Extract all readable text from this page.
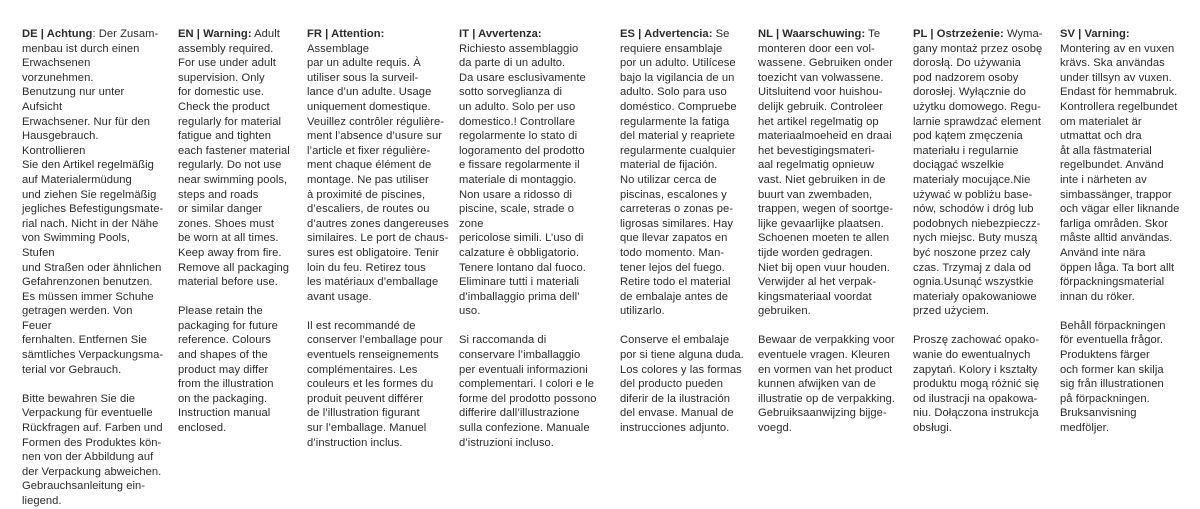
DE | Achtung: Der Zusam-
menbau ist durch einen
Erwachsenen vorzunehmen.
Benutzung nur unter Aufsicht
Erwachsener. Nur für den
Hausgebrauch. Kontrollieren
Sie den Artikel regelmäßig
auf Materialermüdung
und ziehen Sie regelmäßig
jegliches Befestigungsmate-
rial nach. Nicht in der Nähe
von Swimming Pools, Stufen
und Straßen oder ähnlichen
Gefahrenzonen benutzen.
Es müssen immer Schuhe
getragen werden. Von Feuer
fernhalten. Entfernen Sie
sämtliches Verpackungsma-
terial vor Gebrauch.

Bitte bewahren Sie die
Verpackung für eventuelle
Rückfragen auf. Farben und
Formen des Produktes kön-
nen von der Abbildung auf
der Verpackung abweichen.
Gebrauchsanleitung ein-
liegend.

EN | Warning: Adult
assembly required.
For use under adult
supervision. Only
for domestic use.
Check the product
regularly for material
fatigue and tighten
each fastener material
regularly. Do not use
near swimming pools,
steps and roads
or similar danger
zones. Shoes must
be worn at all times.
Keep away from fire.
Remove all packaging
material before use.

Please retain the
packaging for future
reference. Colours
and shapes of the
product may differ
from the illustration
on the packaging.
Instruction manual
enclosed.

FR | Attention: Assemblage
par un adulte requis. À
utiliser sous la surveil-
lance d’un adulte. Usage
uniquement domestique.
Veuillez contrôler régulière-
ment l’absence d’usure sur
l’article et fixer régulière-
ment chaque élément de
montage. Ne pas utiliser
à proximité de piscines,
d’escaliers, de routes ou
d’autres zones dangereuses
similaires. Le port de chaus-
sures est obligatoire. Tenir
loin du feu. Retirez tous
les matériaux d’emballage
avant usage.

Il est recommandé de
conserver l’emballage pour
eventuels renseignements
complémentaires. Les
couleurs et les formes du
produit peuvent différer
de l’illustration figurant
sur l’emballage. Manuel
d’instruction inclus.

IT | Avvertenza:
Richiesto assemblaggio
da parte di un adulto.
Da usare esclusivamente
sotto sorveglianza di
un adulto. Solo per uso
domestico.! Controllare
regolarmente lo stato di
logoramento del prodotto
e fissare regolarmente il
materiale di montaggio.
Non usare a ridosso di
piscine, scale, strade o zone
pericolose simili. L’uso di
calzature è obbligatorio.
Tenere lontano dal fuoco.
Eliminare tutti i materiali
d’imballaggio prima dell’
uso.

Si raccomanda di
conservare l’imballaggio
per eventuali informazioni
complementari. I colori e le
forme del prodotto possono
differire dall’illustrazione
sulla confezione. Manuale
d’istruzioni incluso.

ES | Advertencia: Se
requiere ensamblaje
por un adulto. Utilícese
bajo la vigilancia de un
adulto. Solo para uso
doméstico. Compruebe
regularmente la fatiga
del material y reapriete
regularmente cualquier
material de fijación.
No utilizar cerca de
piscinas, escalones y
carreteras o zonas pe-
ligrosas similares. Hay
que llevar zapatos en
todo momento. Man-
tener lejos del fuego.
Retire todo el material
de embalaje antes de
utilizarlo.

Conserve el embalaje
por si tiene alguna duda.
Los colores y las formas
del producto pueden
diferir de la ilustración
del envase. Manual de
instrucciones adjunto.

NL | Waarschuwing: Te
monteren door een vol-
wassene. Gebruiken onder
toezicht van volwassene.
Uitsluitend voor huishou-
delijk gebruik. Controleer
het artikel regelmatig op
materiaalmoeheid en draai
het bevestigingsmateri-
aal regelmatig opnieuw
vast. Niet gebruiken in de
buurt van zwembaden,
trappen, wegen of soortge-
lijke gevaarlijke plaatsen.
Schoenen moeten te allen
tijde worden gedragen.
Niet bij open vuur houden.
Verwijder al het verpak-
kingsmateriaal voordat
gebruiken.

Bewaar de verpakking voor
eventuele vragen. Kleuren
en vormen van het product
kunnen afwijken van de
illustratie op de verpakking.
Gebruiksaanwijzing bijge-
voegd.

PL | Ostrzeżenie: Wyma-
gany montaż przez osobę
dorosłą. Do używania
pod nadzorem osoby
dorosłej. Wyłącznie do
użytku domowego. Regu-
larnie sprawdzać element
pod kątem zmęczenia
materiału i regularnie
dociągać wszelkie
materiały mocujące.Nie
używać w pobliżu base-
nów, schodów i dróg lub
podobnych niebezpieczz-
nych miejsc. Buty muszą
być noszone przez cały
czas. Trzymaj z dala od
ognia.Usunąć wszystkie
materiały opakowaniowe
przed użyciem.

Proszę zachować opako-
wanie do ewentualnych
zapytań. Kolory i kształty
produktu mogą różnić się
od ilustracji na opakowa-
niu. Dołączona instrukcja
obsługi.

SV | Varning:
Montering av en vuxen
krävs. Ska användas
under tillsyn av vuxen.
Endast för hemmabruk.
Kontrollera regelbundet
om materialet är
utmattat och dra
åt alla fästmaterial
regelbundet. Använd
inte i närheten av
simbassänger, trappor
och vägar eller liknande
farliga områden. Skor
måste alltid användas.
Använd inte nära
öppen låga. Ta bort allt
förpackningsmaterial
innan du röker.

Behåll förpackningen
för eventuella frågor.
Produktens färger
och former kan skilja
sig från illustrationen
på förpackningen.
Bruksanvisning
medföljer.
